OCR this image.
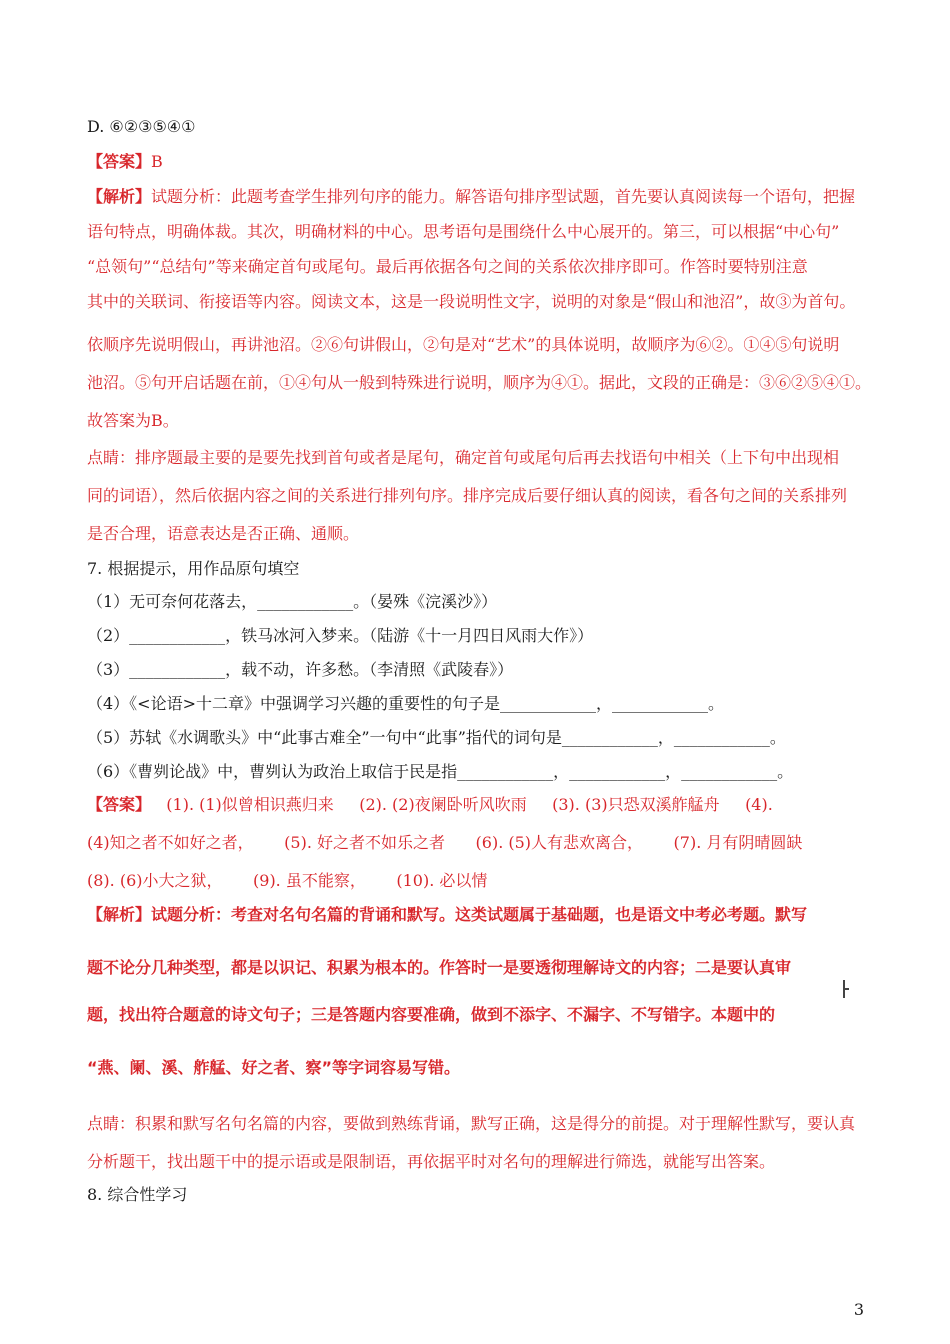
D. ⑥②③⑤④①
【答案】B
【解析】试题分析：此题考查学生排列句序的能力。解答语句排序型试题，首先要认真阅读每一个语句，把握
语句特点，明确体裁。其次，明确材料的中心。思考语句是围绕什么中心展开的。第三，可以根据“中心句”
“总领句”“总结句”等来确定首句或尾句。最后再依据各句之间的关系依次排序即可。作答时要特别注意
其中的关联词、衔接语等内容。阅读文本，这是一段说明性文字，说明的对象是“假山和池沼”，故③为首句。
依顺序先说明假山，再讲池沼。②⑥句讲假山，②句是对“艺术”的具体说明，故顺序为⑥②。①④⑤句说明
池沼。⑤句开启话题在前，①④句从一般到特殊进行说明，顺序为④①。据此，文段的正确是：③⑥②⑤④①。
故答案为B。
点睛：排序题最主要的是要先找到首句或者是尾句，确定首句或尾句后再去找语句中相关（上下句中出现相
同的词语），然后依据内容之间的关系进行排列句序。排序完成后要仔细认真的阅读，看各句之间的关系排列
是否合理，语意表达是否正确、通顺。
7. 根据提示，用作品原句填空
（1）无可奈何花落去，____________。（晏殊《浣溪沙》）
（2）____________，铁马冰河入梦来。（陆游《十一月四日风雨大作》）
（3）____________，载不动，许多愁。（李清照《武陵春》）
（4）《<论语>十二章》中强调学习兴趣的重要性的句子是____________，____________。
（5）苏轼《水调歌头》中“此事古难全”一句中“此事”指代的词句是____________，____________。
（6）《曹刿论战》中，曹刿认为政治上取信于民是指____________，____________，____________。
【答案】   (1). (1)似曾相识燕归来     (2). (2)夜阑卧听风吹雨     (3). (3)只恐双溪舴艋舟     (4).
(4)知之者不如好之者，      (5). 好之者不如乐之者      (6). (5)人有悲欢离合，      (7). 月有阴晴圆缺
(8). (6)小大之狱，      (9). 虽不能察，      (10). 必以情
【解析】试题分析：考查对名句名篇的背诵和默写。这类试题属于基础题，也是语文中考必考题。默写
题不论分几种类型，都是以识记、积累为根本的。作答时一是要透彻理解诗文的内容；二是要认真审
题，找出符合题意的诗文句子；三是答题内容要准确，做到不添字、不漏字、不写错字。本题中的
“燕、阑、溪、舴艋、好之者、察”等字词容易写错。
点睛：积累和默写名句名篇的内容，要做到熟练背诵，默写正确，这是得分的前提。对于理解性默写，要认真
分析题干，找出题干中的提示语或是限制语，再依据平时对名句的理解进行筛选，就能写出答案。
8. 综合性学习
3
